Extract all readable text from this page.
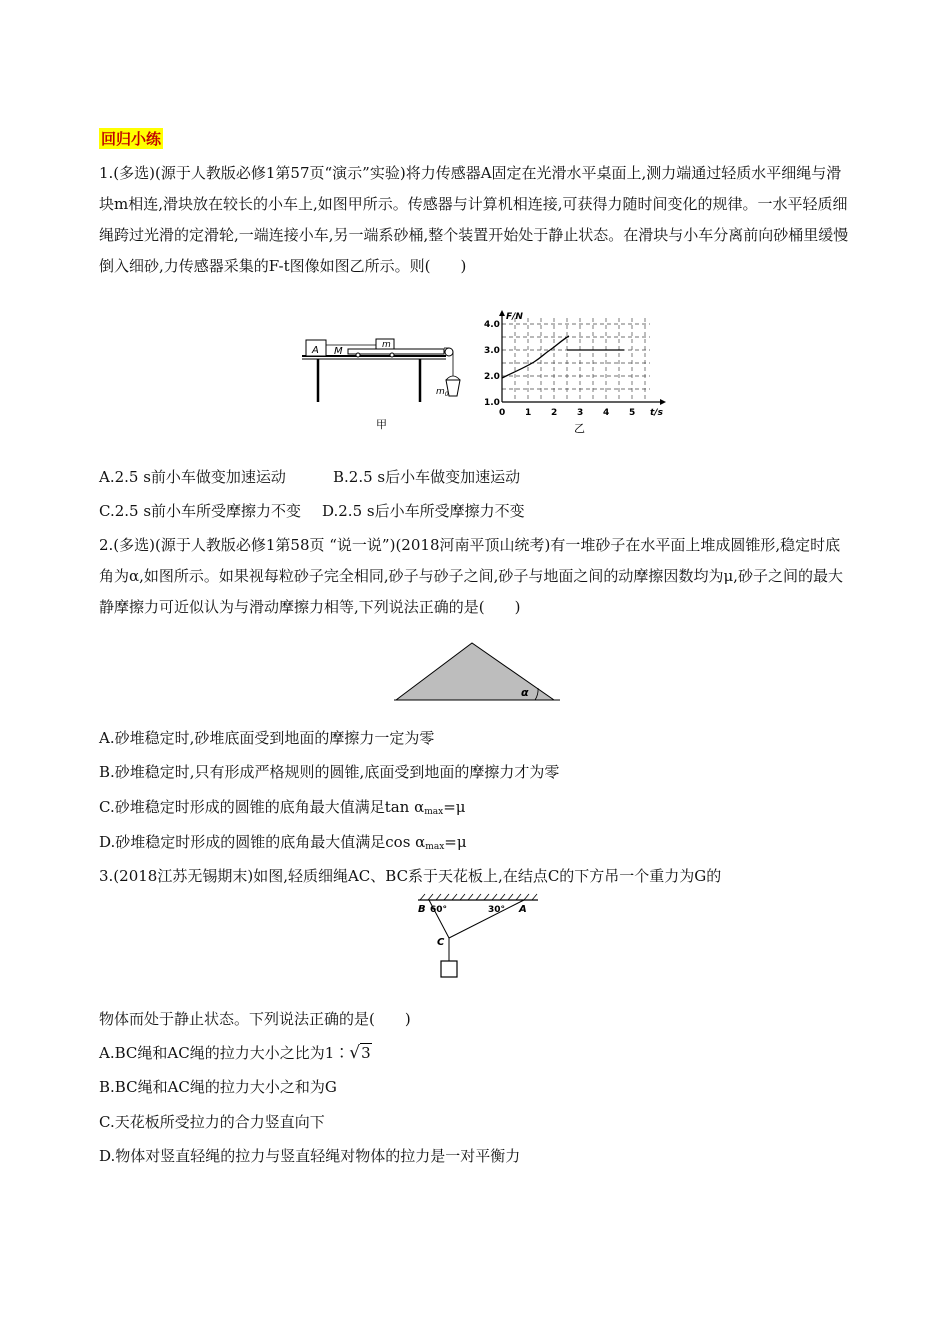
回归小练
1.(多选)(源于人教版必修1第57页“演示”实验)将力传感器A固定在光滑水平桌面上,测力端通过轻质水平细绳与滑块m相连,滑块放在较长的小车上,如图甲所示。传感器与计算机相连接,可获得力随时间变化的规律。一水平轻质细绳跨过光滑的定滑轮,一端连接小车,另一端系砂桶,整个装置开始处于静止状态。在滑块与小车分离前向砂桶里缓慢倒入细砂,力传感器采集的F-t图像如图乙所示。则(　　)
A M
m
$m_0$
甲
F/N
t/s
4.0
3.0
2.0
1.0
0 1 2 3 4 5
乙
A.2.5 s前小车做变加速运动	B.2.5 s后小车做变加速运动
C.2.5 s前小车所受摩擦力不变 D.2.5 s后小车所受摩擦力不变
2.(多选)(源于人教版必修1第58页 “说一说”)(2018河南平顶山统考)有一堆砂子在水平面上堆成圆锥形,稳定时底角为α,如图所示。如果视每粒砂子完全相同,砂子与砂子之间,砂子与地面之间的动摩擦因数均为μ,砂子之间的最大静摩擦力可近似认为与滑动摩擦力相等,下列说法正确的是(　　)
α
A.砂堆稳定时,砂堆底面受到地面的摩擦力一定为零
B.砂堆稳定时,只有形成严格规则的圆锥,底面受到地面的摩擦力才为零
C.砂堆稳定时形成的圆锥的底角最大值满足$\tan \alpha_{max}=\mu$
D.砂堆稳定时形成的圆锥的底角最大值满足$\cos \alpha_{max}=\mu$
3.(2018江苏无锡期末)如图,轻质细绳AC、BC系于天花板上,在结点C的下方吊一个重力为G的
B 60°	30° A
C
物体而处于静止状态。下列说法正确的是(　　)
A.BC绳和AC绳的拉力大小之比为1∶√3
B.BC绳和AC绳的拉力大小之和为G
C.天花板所受拉力的合力竖直向下
D.物体对竖直轻绳的拉力与竖直轻绳对物体的拉力是一对平衡力
